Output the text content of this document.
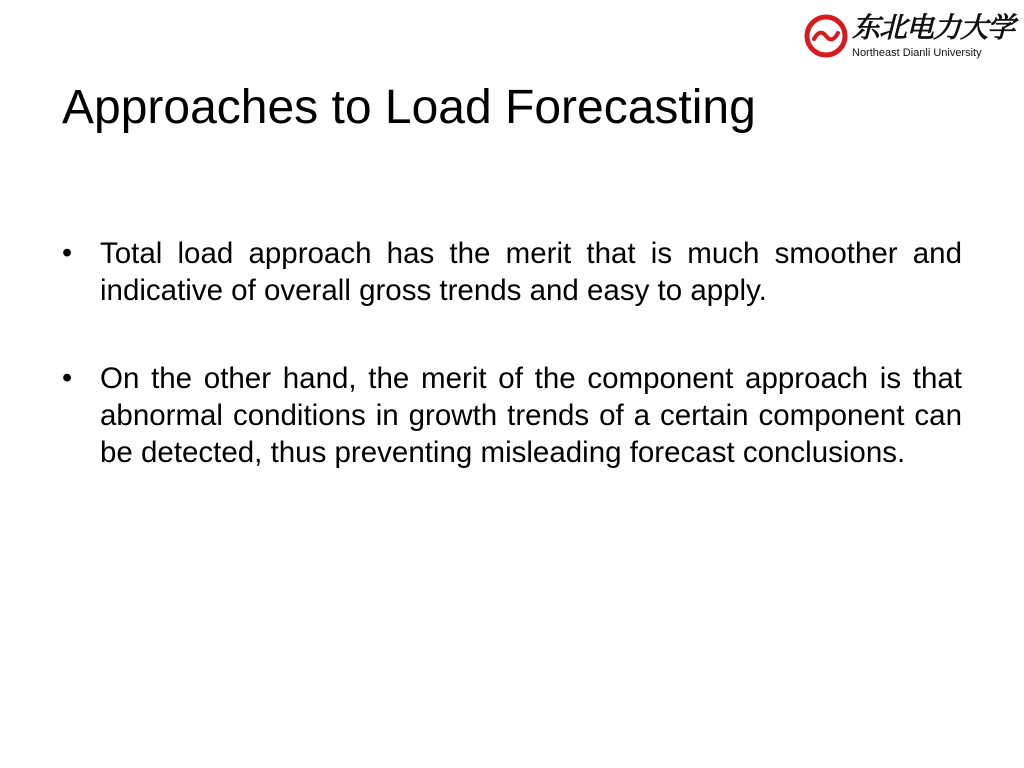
东北电力大学
Northeast Dianli University
Approaches to Load Forecasting
• Total load approach has the merit that is much smoother and indicative of overall gross trends and easy to apply.
• On the other hand, the merit of the component approach is that abnormal conditions in growth trends of a certain component can be detected, thus preventing misleading forecast conclusions.
